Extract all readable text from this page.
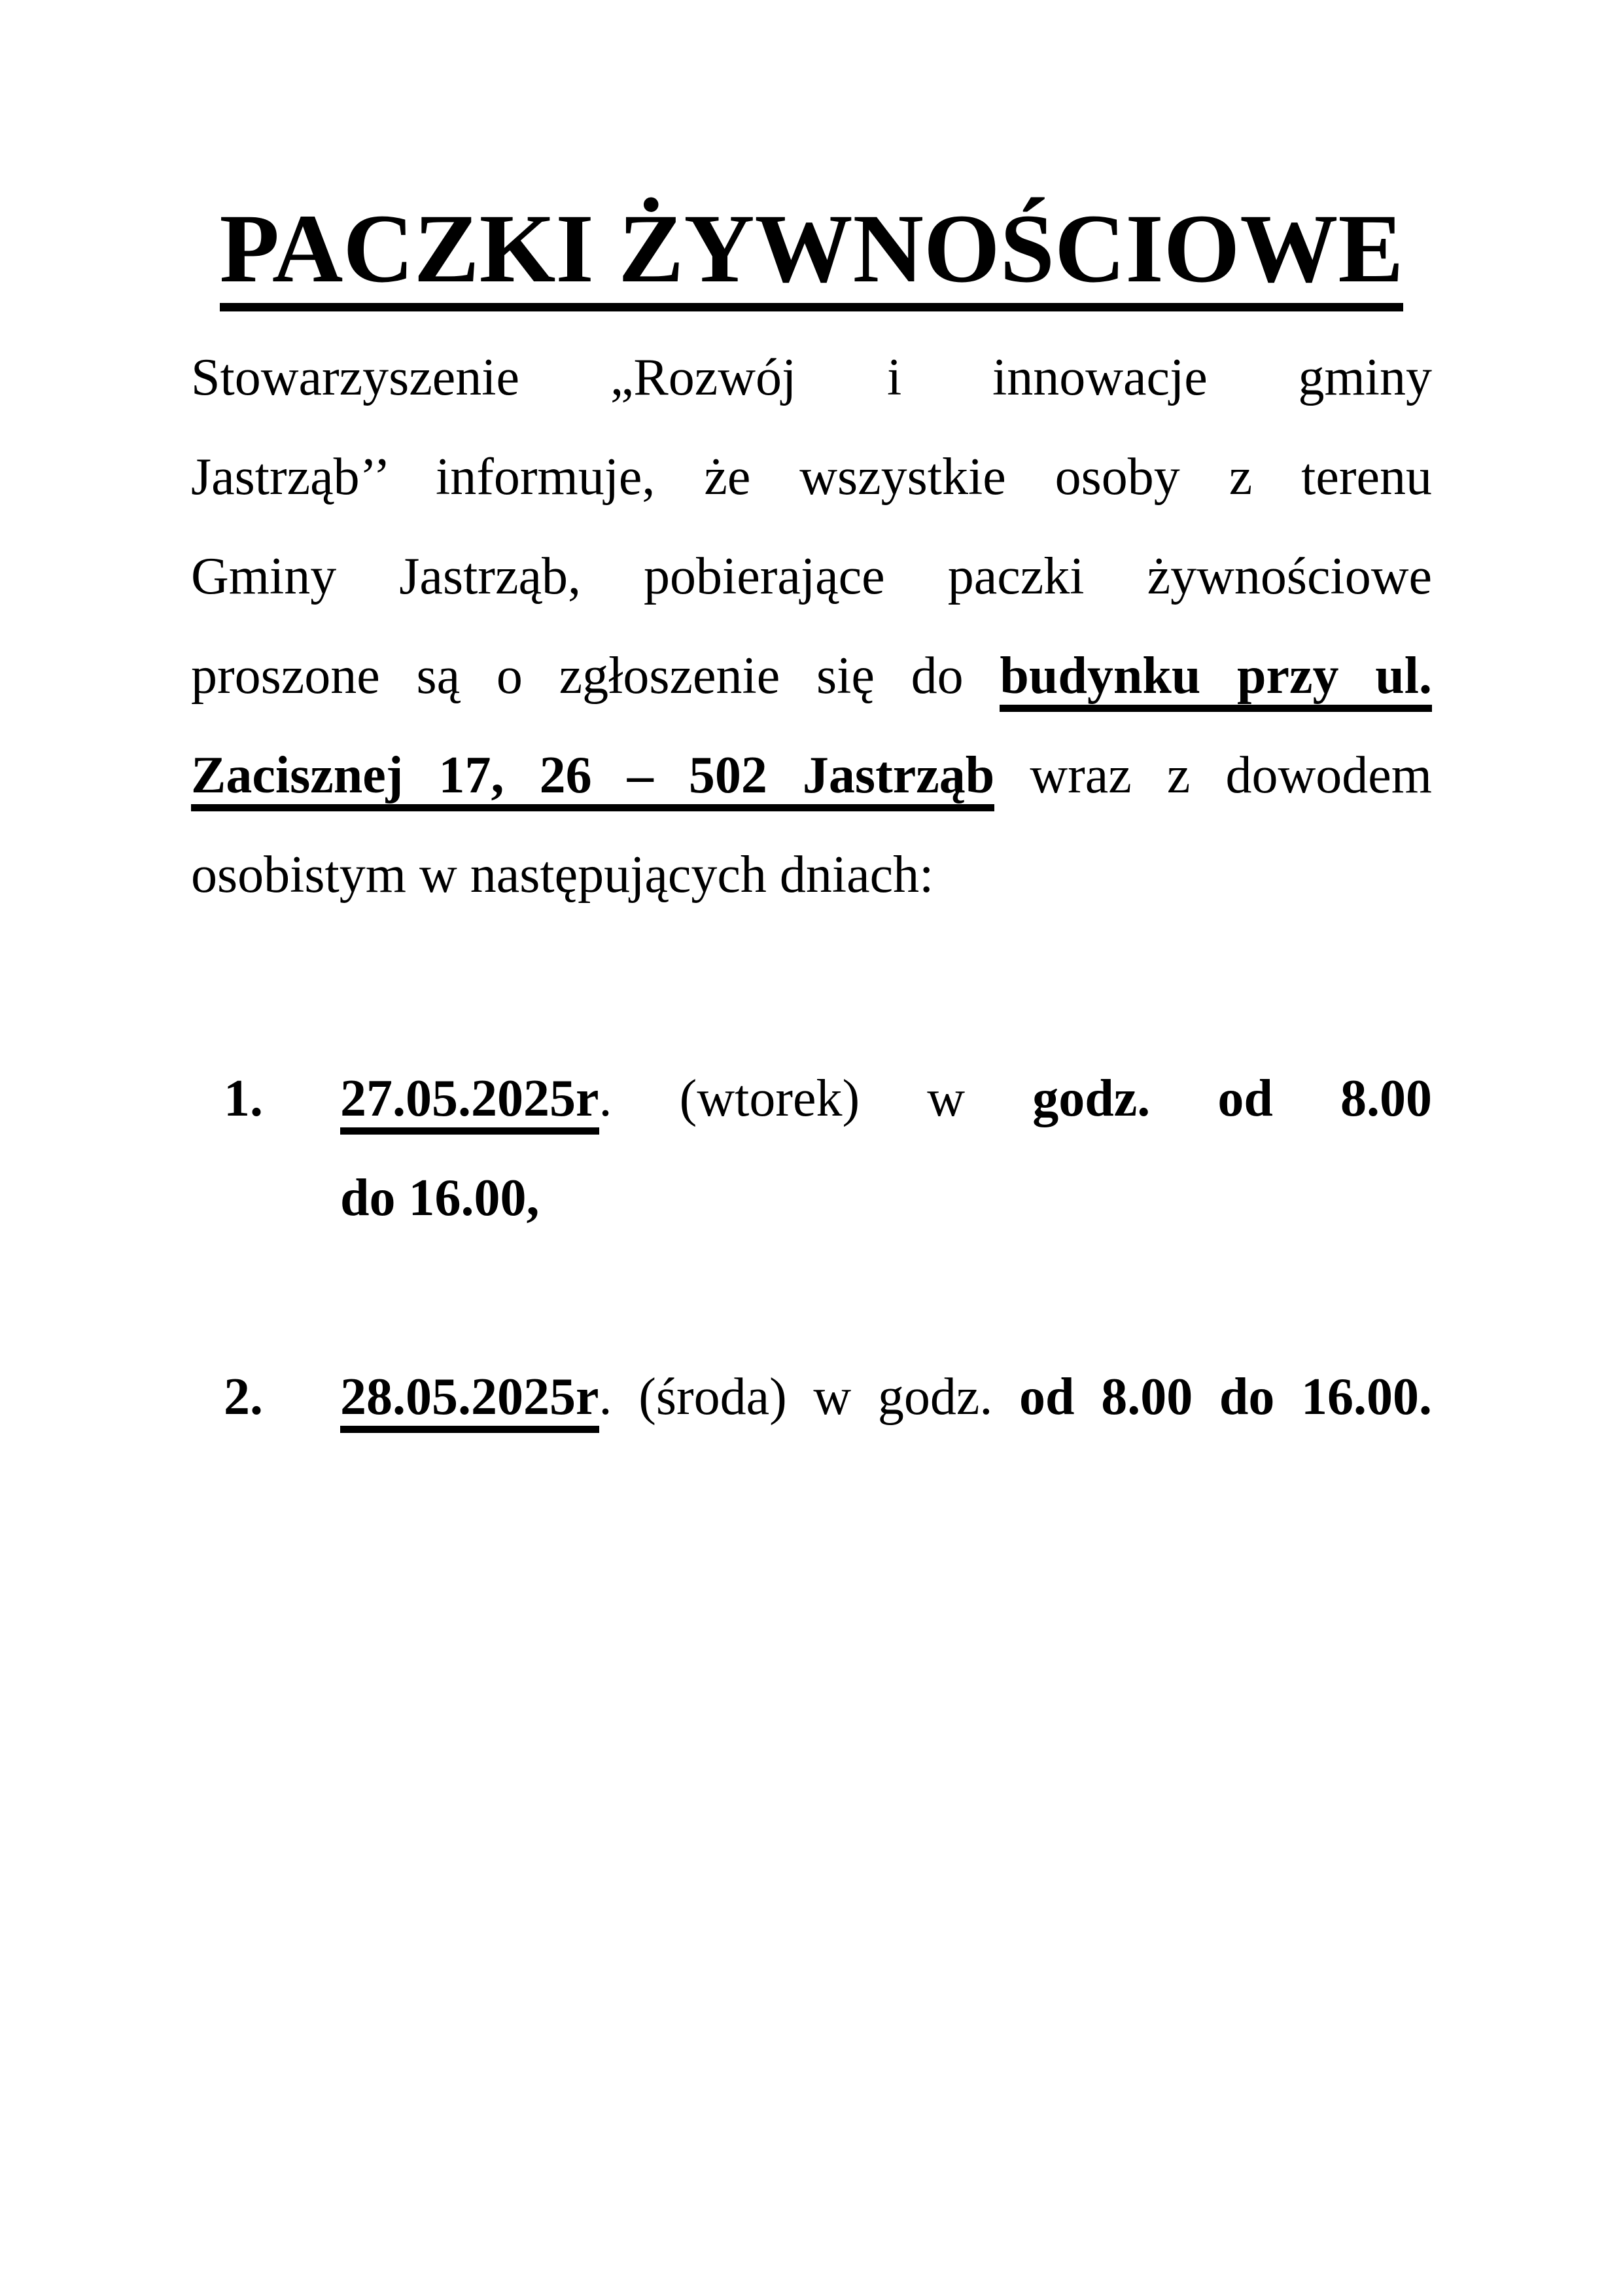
PACZKI ŻYWNOŚCIOWE
Stowarzyszenie „Rozwój i innowacje gminy
Jastrząb’’ informuje, że wszystkie osoby z terenu
Gminy Jastrząb, pobierające paczki żywnościowe
proszone są o zgłoszenie się do budynku przy ul.
Zacisznej 17, 26 – 502 Jastrząb wraz z dowodem
osobistym w następujących dniach:
1.	27.05.2025r. (wtorek) w godz. od 8.00
do 16.00,
2.	28.05.2025r. (środa) w godz. od 8.00 do 16.00.
